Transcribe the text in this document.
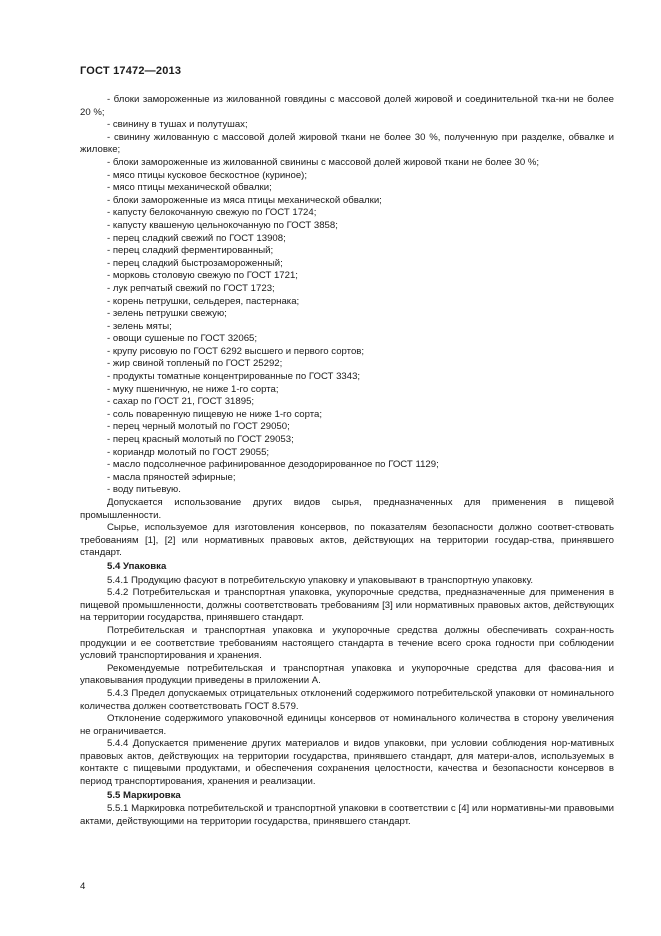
ГОСТ 17472—2013

- блоки замороженные из жилованной говядины с массовой долей жировой и соединительной тка-ни не более 20 %;

- свинину в тушах и полутушах;

- свинину жилованную с массовой долей жировой ткани не более 30 %, полученную при разделке, обвалке и жиловке;

- блоки замороженные из жилованной свинины с массовой долей жировой ткани не более 30 %;

- мясо птицы кусковое бескостное (куриное);

- мясо птицы механической обвалки;

- блоки замороженные из мяса птицы механической обвалки;

- капусту белокочанную свежую по ГОСТ 1724;

- капусту квашеную цельнокочанную по ГОСТ 3858;

- перец сладкий свежий по ГОСТ 13908;

- перец сладкий ферментированный;

- перец сладкий быстрозамороженный;

- морковь столовую свежую по ГОСТ 1721;

- лук репчатый свежий по ГОСТ 1723;

- корень петрушки, сельдерея, пастернака;

- зелень петрушки свежую;

- зелень мяты;

- овощи сушеные по ГОСТ 32065;

- крупу рисовую по ГОСТ 6292 высшего и первого сортов;

- жир свиной топленый по ГОСТ 25292;

- продукты томатные концентрированные по ГОСТ 3343;

- муку пшеничную, не ниже 1-го сорта;

- сахар по ГОСТ 21, ГОСТ 31895;

- соль поваренную пищевую не ниже 1-го сорта;

- перец черный молотый по ГОСТ 29050;

- перец красный молотый по ГОСТ 29053;

- кориандр молотый по ГОСТ 29055;

- масло подсолнечное рафинированное дезодорированное по ГОСТ 1129;

- масла пряностей эфирные;

- воду питьевую.

Допускается использование других видов сырья, предназначенных для применения в пищевой промышленности.

Сырье, используемое для изготовления консервов, по показателям безопасности должно соответ-ствовать требованиям [1], [2] или нормативных правовых актов, действующих на территории государ-ства, принявшего стандарт.

5.4 Упаковка

5.4.1 Продукцию фасуют в потребительскую упаковку и упаковывают в транспортную упаковку.

5.4.2 Потребительская и транспортная упаковка, укупорочные средства, предназначенные для применения в пищевой промышленности, должны соответствовать требованиям [3] или нормативных правовых актов, действующих на территории государства, принявшего стандарт.

Потребительская и транспортная упаковка и укупорочные средства должны обеспечивать сохран-ность продукции и ее соответствие требованиям настоящего стандарта в течение всего срока годности при соблюдении условий транспортирования и хранения.

Рекомендуемые потребительская и транспортная упаковка и укупорочные средства для фасова-ния и упаковывания продукции приведены в приложении А.

5.4.3 Предел допускаемых отрицательных отклонений содержимого потребительской упаковки от номинального количества должен соответствовать ГОСТ 8.579.

Отклонение содержимого упаковочной единицы консервов от номинального количества в сторону увеличения не ограничивается.

5.4.4 Допускается применение других материалов и видов упаковки, при условии соблюдения нор-мативных правовых актов, действующих на территории государства, принявшего стандарт, для матери-алов, используемых в контакте с пищевыми продуктами, и обеспечения сохранения целостности, качества и безопасности консервов в период транспортирования, хранения и реализации.

5.5 Маркировка

5.5.1 Маркировка потребительской и транспортной упаковки в соответствии с [4] или нормативны-ми правовыми актами, действующими на территории государства, принявшего стандарт.

4
